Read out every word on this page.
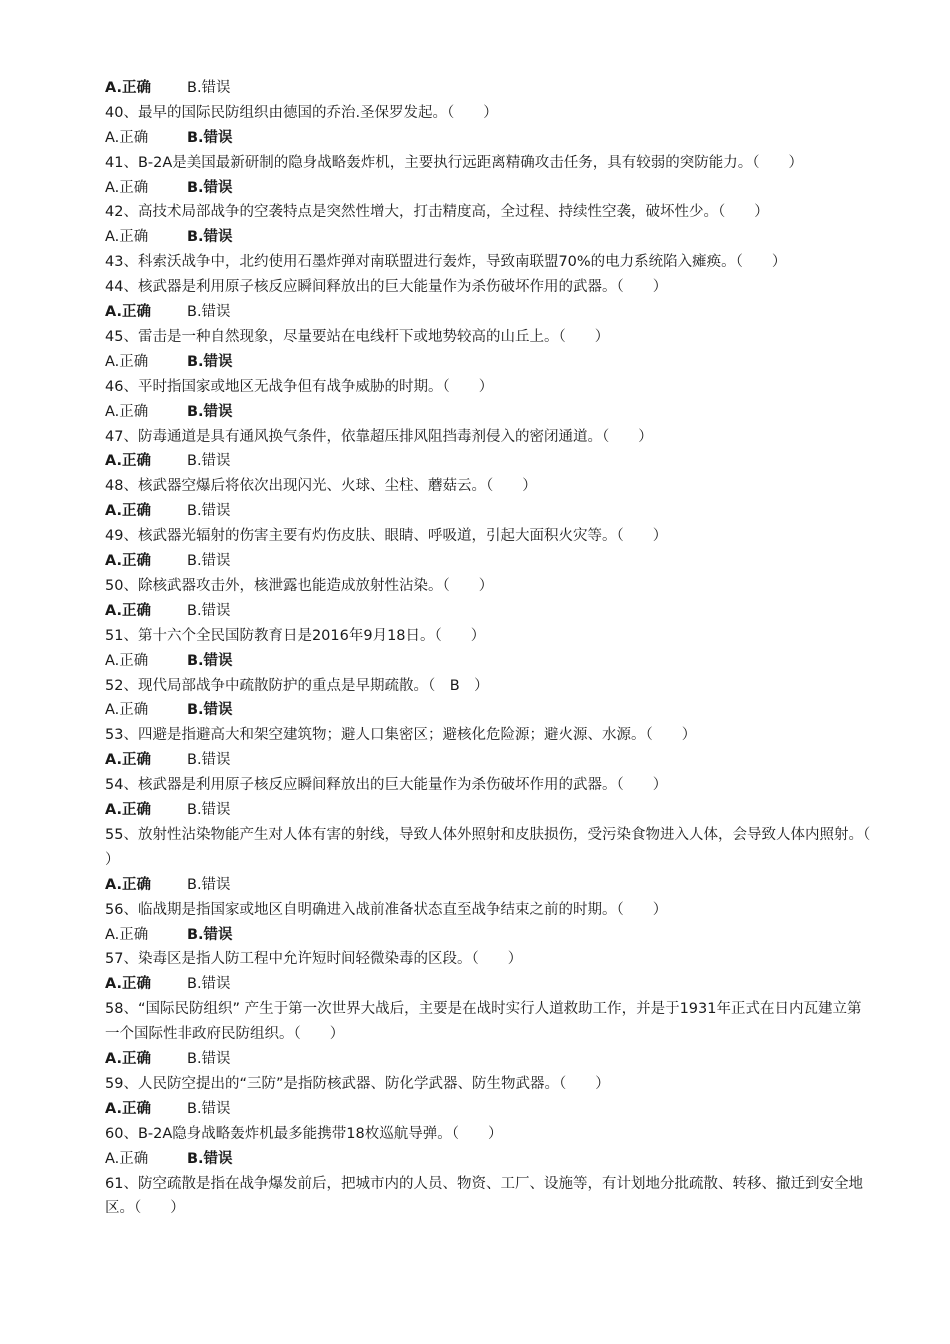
A.正确 B.错误

40、最早的国际民防组织由德国的乔治.圣保罗发起。（　　）

A.正确	B.错误

41、B-2A是美国最新研制的隐身战略轰炸机，主要执行远距离精确攻击任务，具有较弱的突防能力。（　　）

A.正确	B.错误

42、高技术局部战争的空袭特点是突然性增大，打击精度高，全过程、持续性空袭，破坏性少。（　　）

A.正确	B.错误

43、科索沃战争中，北约使用石墨炸弹对南联盟进行轰炸，导致南联盟70%的电力系统陷入瘫痪。（　　）

44、核武器是利用原子核反应瞬间释放出的巨大能量作为杀伤破坏作用的武器。（　　）

A.正确 B.错误

45、雷击是一种自然现象，尽量要站在电线杆下或地势较高的山丘上。（　　）

A.正确	B.错误

46、平时指国家或地区无战争但有战争威胁的时期。（　　）

A.正确	B.错误

47、防毒通道是具有通风换气条件，依靠超压排风阻挡毒剂侵入的密闭通道。（　　）

A.正确 B.错误

48、核武器空爆后将依次出现闪光、火球、尘柱、蘑菇云。（　　）

A.正确 B.错误

49、核武器光辐射的伤害主要有灼伤皮肤、眼睛、呼吸道，引起大面积火灾等。（　　）

A.正确 B.错误

50、除核武器攻击外，核泄露也能造成放射性沾染。（　　）

A.正确 B.错误

51、第十六个全民国防教育日是2016年9月18日。（　　）

A.正确	B.错误

52、现代局部战争中疏散防护的重点是早期疏散。（　B　）

A.正确	B.错误

53、四避是指避高大和架空建筑物；避人口集密区；避核化危险源；避火源、水源。（　　）

A.正确 B.错误

54、核武器是利用原子核反应瞬间释放出的巨大能量作为杀伤破坏作用的武器。（　　）

A.正确 B.错误

55、放射性沾染物能产生对人体有害的射线，导致人体外照射和皮肤损伤，受污染食物进入人体，会导致人体内照射。（　　）

A.正确 B.错误

56、临战期是指国家或地区自明确进入战前准备状态直至战争结束之前的时期。（　　）

A.正确	B.错误

57、染毒区是指人防工程中允许短时间轻微染毒的区段。（　　）

A.正确 B.错误

58、“国际民防组织” 产生于第一次世界大战后，主要是在战时实行人道救助工作，并是于1931年正式在日内瓦建立第一个国际性非政府民防组织。（　　）

A.正确 B.错误

59、人民防空提出的“三防”是指防核武器、防化学武器、防生物武器。（　　）

A.正确 B.错误

60、B-2A隐身战略轰炸机最多能携带18枚巡航导弹。（　　）

A.正确	B.错误

61、防空疏散是指在战争爆发前后，把城市内的人员、物资、工厂、设施等，有计划地分批疏散、转移、撤迁到安全地区。（　　）
